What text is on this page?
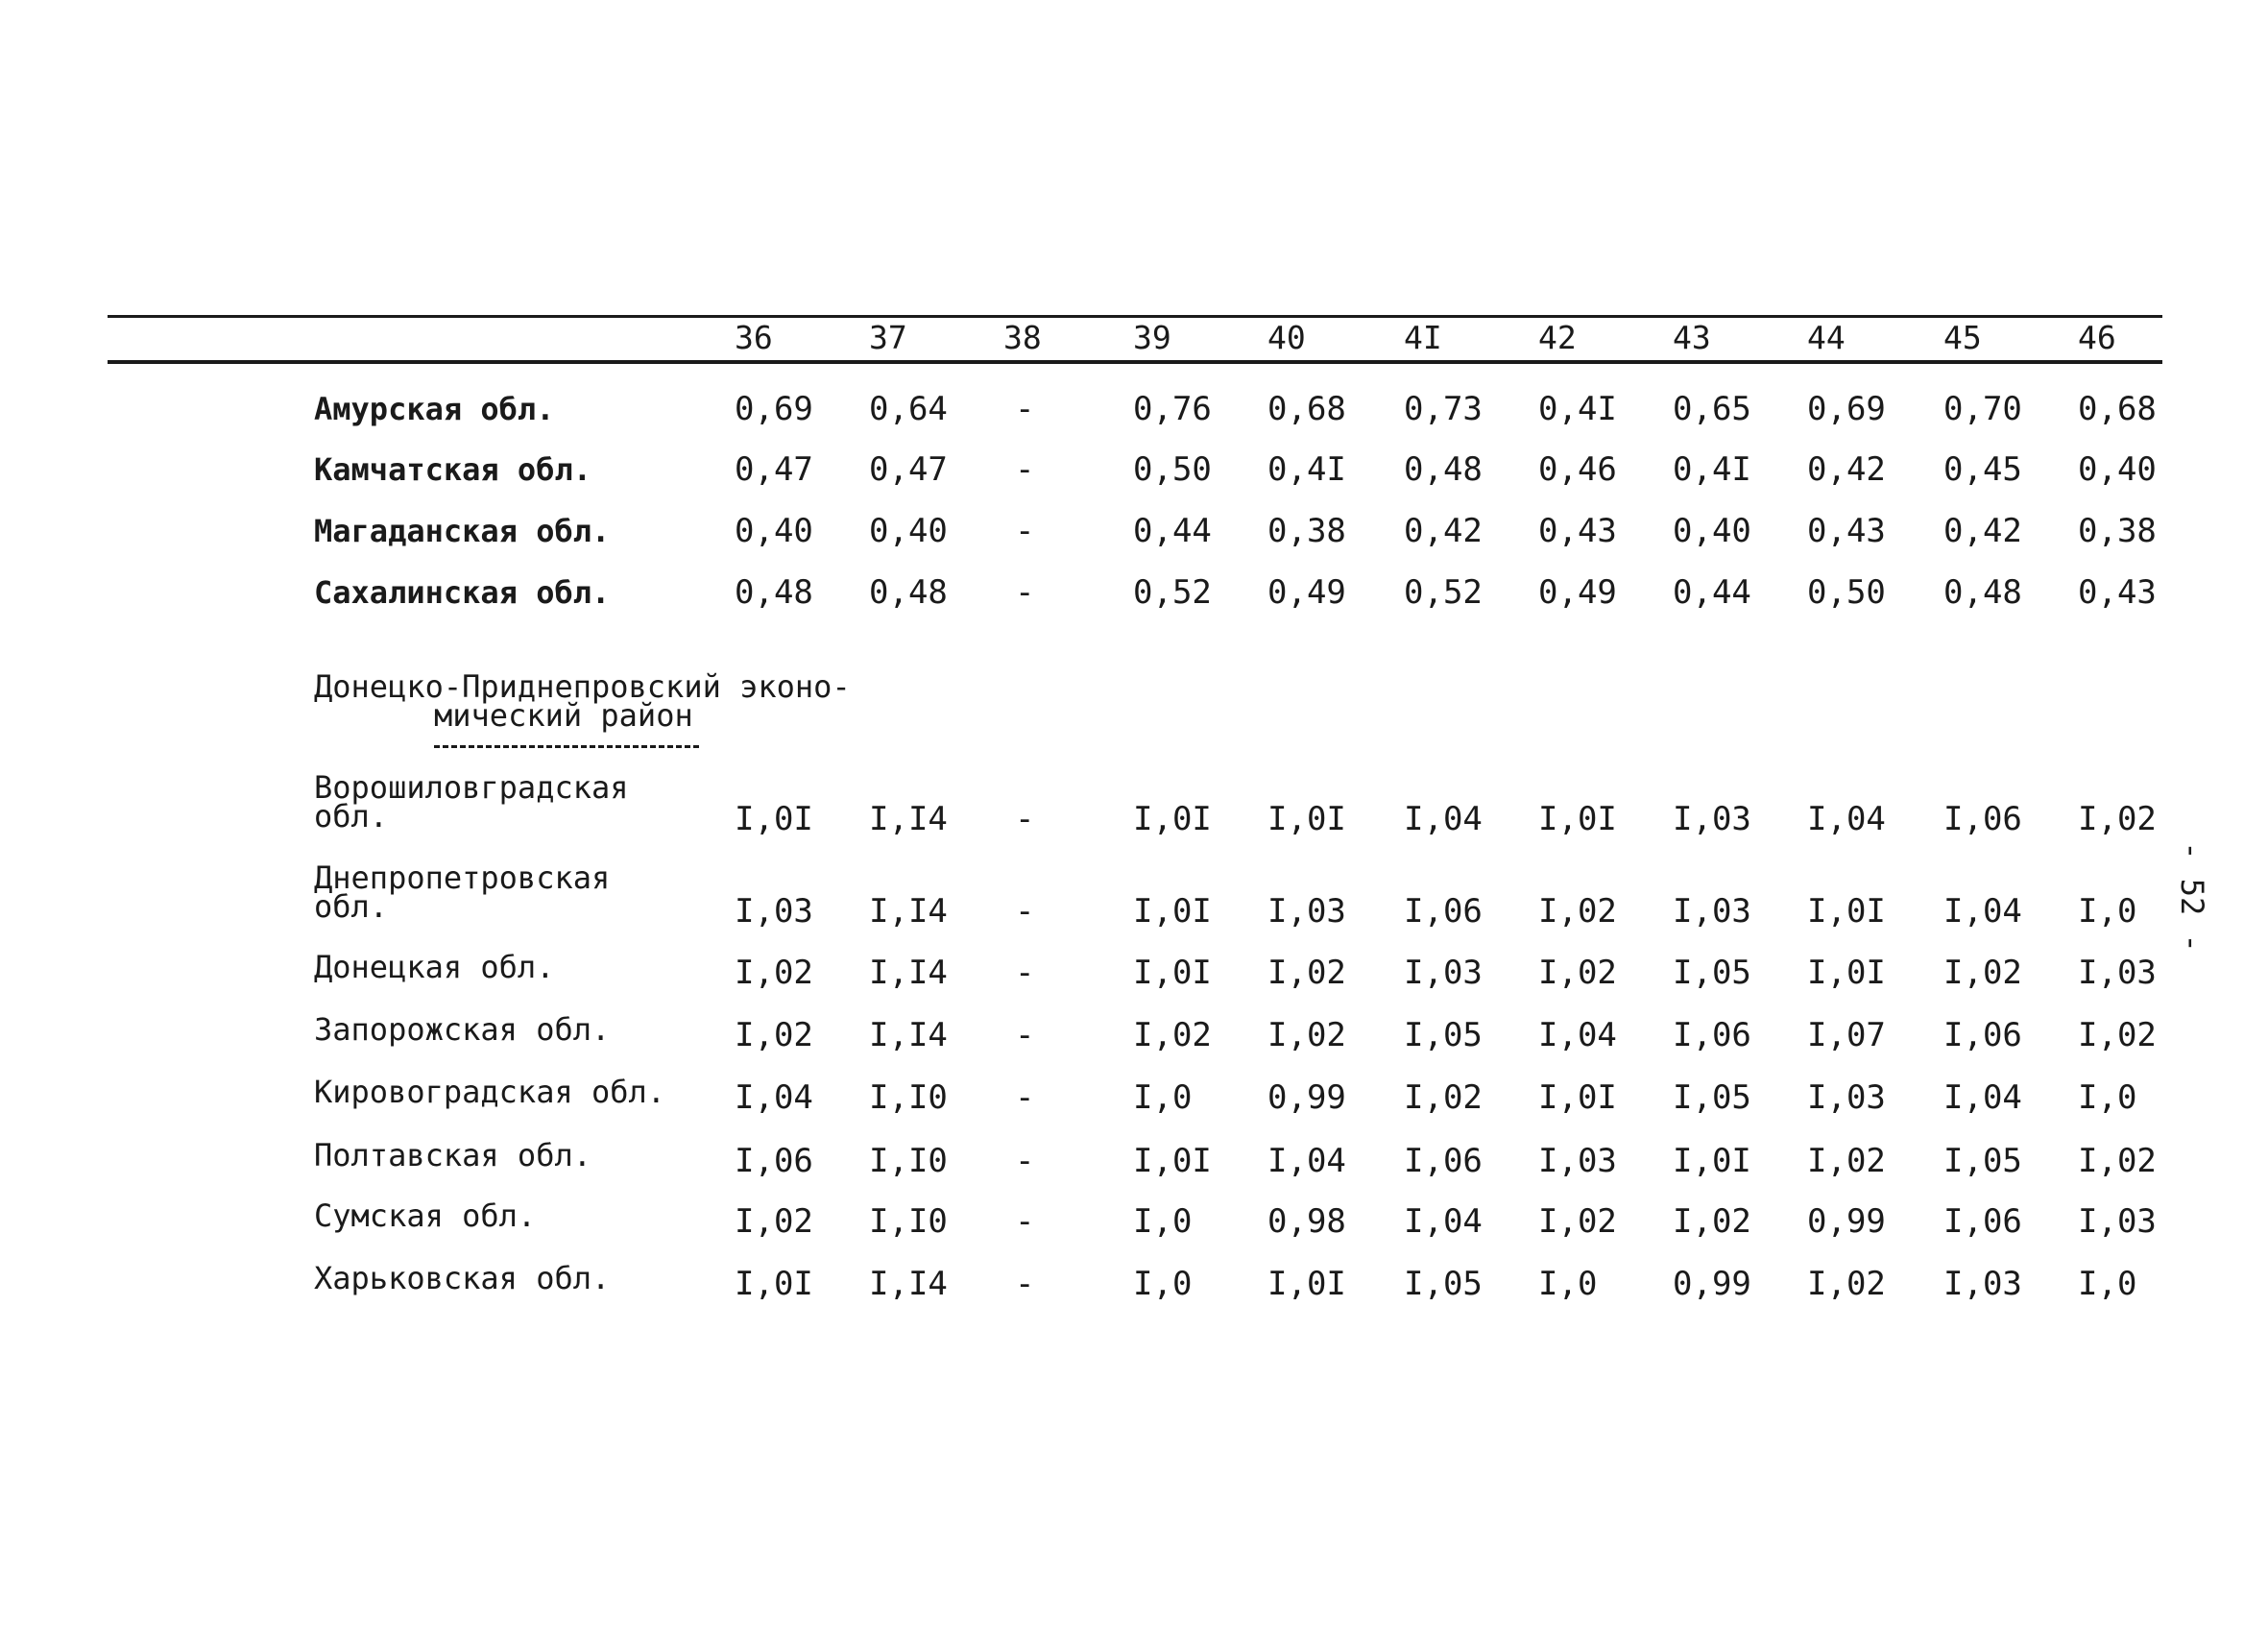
36	37	38	39	40	4I	42	43	44	45	46
Амурская обл.	0,69 0,64 -	0,76 0,68 0,73 0,4I 0,65 0,69 0,70 0,68
Камчатская обл.	0,47 0,47 -	0,50 0,4I 0,48 0,46 0,4I 0,42 0,45 0,40
Магаданская обл.	0,40 0,40 -	0,44 0,38 0,42 0,43 0,40 0,43 0,42 0,38
Сахалинская обл.	0,48 0,48 -	0,52 0,49 0,52 0,49 0,44 0,50 0,48 0,43
Ворошиловградская
обл.	I,0I I,I4 -	I,0I I,0I I,04 I,0I I,03 I,04 I,06 I,02
Днепропетровская
обл.	I,03 I,I4 -	I,0I I,03 I,06 I,02 I,03 I,0I I,04 I,0
Донецкая обл.	I,02 I,I4 -	I,0I I,02 I,03 I,02 I,05 I,0I I,02 I,03
Запорожская обл.	I,02 I,I4 -	I,02 I,02 I,05 I,04 I,06 I,07 I,06 I,02
Кировоградская обл. I,04 I,I0 -	I,0 0,99 I,02 I,0I I,05 I,03 I,04 I,0
Полтавская обл.	I,06 I,I0 -	I,0I I,04 I,06 I,03 I,0I I,02 I,05 I,02
Сумская обл.	I,02 I,I0 -	I,0 0,98 I,04 I,02 I,02 0,99 I,06 I,03
Харьковская обл.	I,0I I,I4 -	I,0 I,0I I,05 I,0 0,99 I,02 I,03 I,0
Донецко-Приднепровский эконо-
мический район
- 52 -
